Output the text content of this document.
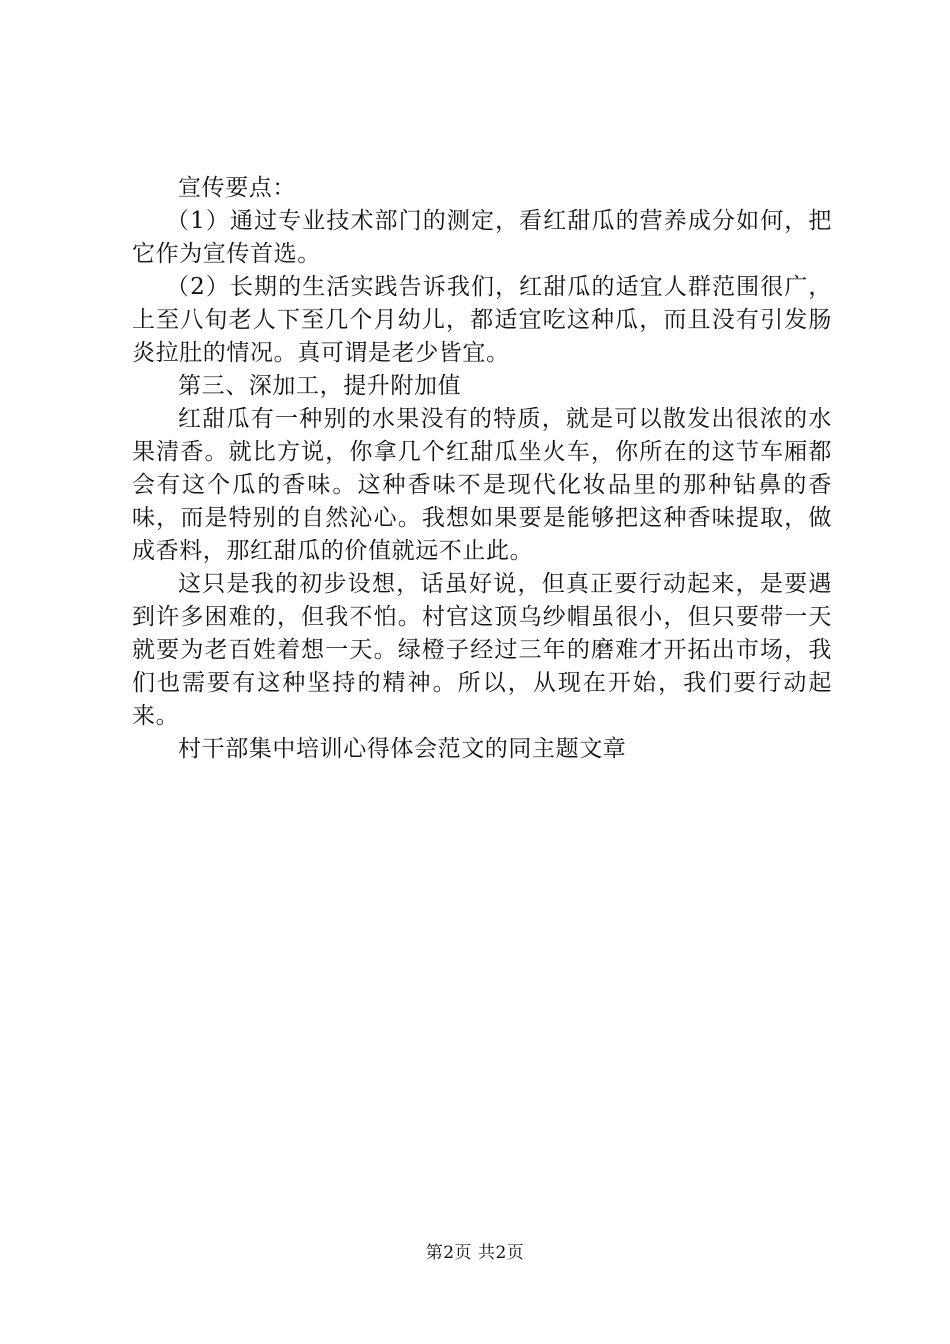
宣传要点：

（1）通过专业技术部门的测定，看红甜瓜的营养成分如何，把它作为宣传首选。

（2）长期的生活实践告诉我们，红甜瓜的适宜人群范围很广，上至八旬老人下至几个月幼儿，都适宜吃这种瓜，而且没有引发肠炎拉肚的情况。真可谓是老少皆宜。

第三、深加工，提升附加值

红甜瓜有一种别的水果没有的特质，就是可以散发出很浓的水果清香。就比方说，你拿几个红甜瓜坐火车，你所在的这节车厢都会有这个瓜的香味。这种香味不是现代化妆品里的那种钻鼻的香味，而是特别的自然沁心。我想如果要是能够把这种香味提取，做成香料，那红甜瓜的价值就远不止此。

这只是我的初步设想，话虽好说，但真正要行动起来，是要遇到许多困难的，但我不怕。村官这顶乌纱帽虽很小，但只要带一天就要为老百姓着想一天。绿橙子经过三年的磨难才开拓出市场，我们也需要有这种坚持的精神。所以，从现在开始，我们要行动起来。

村干部集中培训心得体会范文的同主题文章

第2页 共2页
